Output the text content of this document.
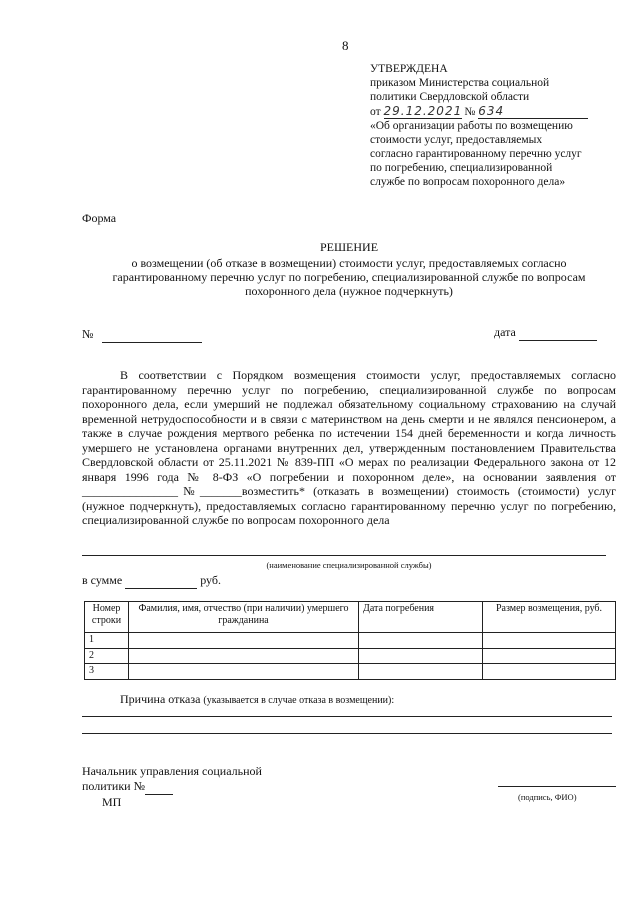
8
УТВЕРЖДЕНА
приказом Министерства социальной
политики Свердловской области
от 29.12.2021 № 634
«Об организации работы по возмещению
стоимости услуг, предоставляемых
согласно гарантированному перечню услуг
по погребению, специализированной
службе по вопросам похоронного дела»
Форма
РЕШЕНИЕ
о возмещении (об отказе в возмещении) стоимости услуг, предоставляемых согласно
гарантированному перечню услуг по погребению, специализированной службе по вопросам
похоронного дела (нужное подчеркнуть)
№	дата

В соответствии с Порядком возмещения стоимости услуг, предоставляемых согласно гарантированному перечню услуг по погребению, специализированной службе по вопросам похоронного дела, если умерший не подлежал обязательному социальному страхованию на случай временной нетрудоспособности и в связи с материнством на день смерти и не являлся пенсионером, а также в случае рождения мертвого ребенка по истечении 154 дней беременности и когда личность умершего не установлена органами внутренних дел, утвержденным постановлением Правительства Свердловской области от 25.11.2021 № 839-ПП «О мерах по реализации Федерального закона от 12 января 1996 года № 8-ФЗ «О погребении и похоронном деле», на основании заявления от ________________№_______возместить* (отказать в возмещении) стоимость (стоимости) услуг (нужное подчеркнуть), предоставляемых согласно гарантированному перечню услуг по погребению, специализированной службе по вопросам похоронного дела

(наименование специализированной службы)
в сумме	руб.
Номер строки	Фамилия, имя, отчество (при наличии) умершего гражданина	Дата погребения	Размер возмещения, руб.
1			
2			
3			
Причина отказа (указывается в случае отказа в возмещении):
Начальник управления социальной
политики №
МП	(подпись, ФИО)
